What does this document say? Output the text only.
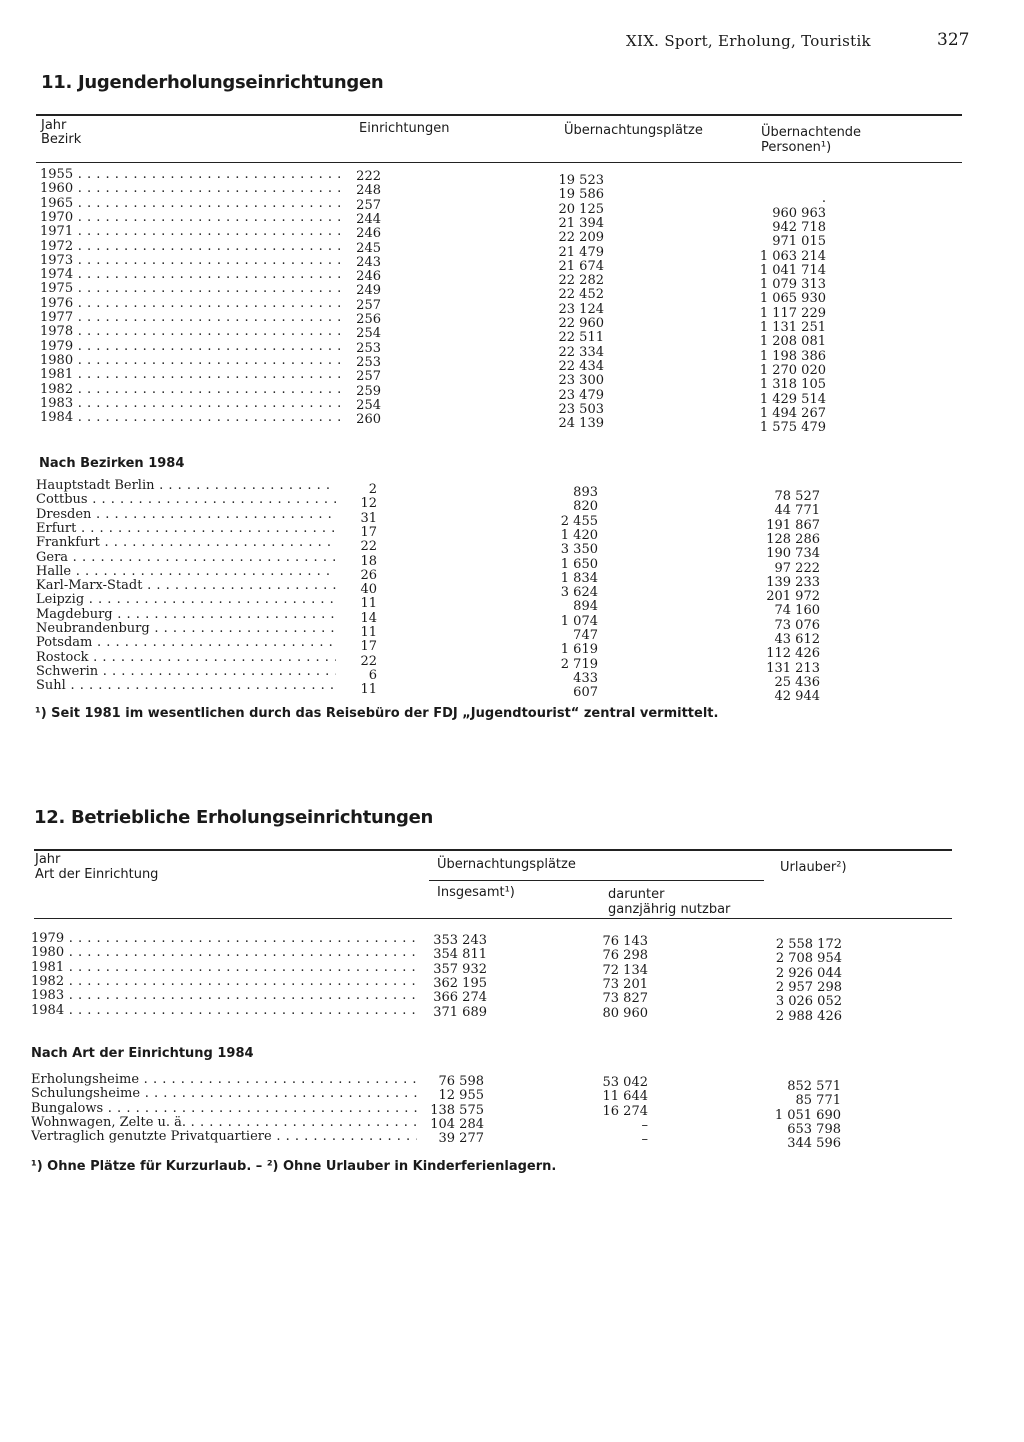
XIX. Sport, Erholung, Touristik	327
11. Jugenderholungseinrichtungen
Jahr
Bezirk
Einrichtungen	Übernachtungsplätze	Übernachtende
Personen¹)
1955 . . .	222	19 523
1960 . . .	248	19 586	.
1965 . . .	257	20 125	960 963
1970 . . .	244	21 394	942 718
1971 . . .	246	22 209	971 015
1972 . . .	245	21 479	1 063 214
1973 . . .	243	21 674	1 041 714
1974 . . .	246	22 282	1 079 313
1975 . . .	249	22 452	1 065 930
1976 . . .	257	23 124	1 117 229
1977 . . .	256	22 960	1 131 251
1978 . . .	254	22 511	1 208 081
1979 . . .	253	22 334	1 198 386
1980 . . .	253	22 434	1 270 020
1981 . . .	257	23 300	1 318 105
1982 . . .	259	23 479	1 429 514
1983 . . .	254	23 503	1 494 267
1984 . . .	260	24 139	1 575 479
Nach Bezirken 1984
Hauptstadt Berlin . . .	2	893	78 527
Cottbus . . .	12	820	44 771
Dresden . . .	31	2 455	191 867
Erfurt . . .	17	1 420	128 286
Frankfurt . . .	22	3 350	190 734
Gera . . .	18	1 650	97 222
Halle . . .	26	1 834	139 233
Karl-Marx-Stadt . . .	40	3 624	201 972
Leipzig . . .	11	894	74 160
Magdeburg . . .	14	1 074	73 076
Neubrandenburg . . .	11	747	43 612
Potsdam . . .	17	1 619	112 426
Rostock . . .	22	2 719	131 213
Schwerin . . .	6	433	25 436
Suhl . . .	11	607	42 944
¹) Seit 1981 im wesentlichen durch das Reisebüro der FDJ „Jugendtourist“ zentral vermittelt.
12. Betriebliche Erholungseinrichtungen
Jahr
Art der Einrichtung
Übernachtungsplätze
Insgesamt¹)	darunter
ganzjährig nutzbar
Urlauber²)
1979 . . .	353 243	76 143	2 558 172
1980 . . .	354 811	76 298	2 708 954
1981 . . .	357 932	72 134	2 926 044
1982 . . .	362 195	73 201	2 957 298
1983 . . .	366 274	73 827	3 026 052
1984 . . .	371 689	80 960	2 988 426
Nach Art der Einrichtung 1984
Erholungsheime . . .	76 598	53 042	852 571
Schulungsheime . . .	12 955	11 644	85 771
Bungalows . . .	138 575	16 274	1 051 690
Wohnwagen, Zelte u. ä. . . .	104 284	–	653 798
Vertraglich genutzte Privatquartiere . . .	39 277	–	344 596
¹) Ohne Plätze für Kurzurlaub. – ²) Ohne Urlauber in Kinderferienlagern.
